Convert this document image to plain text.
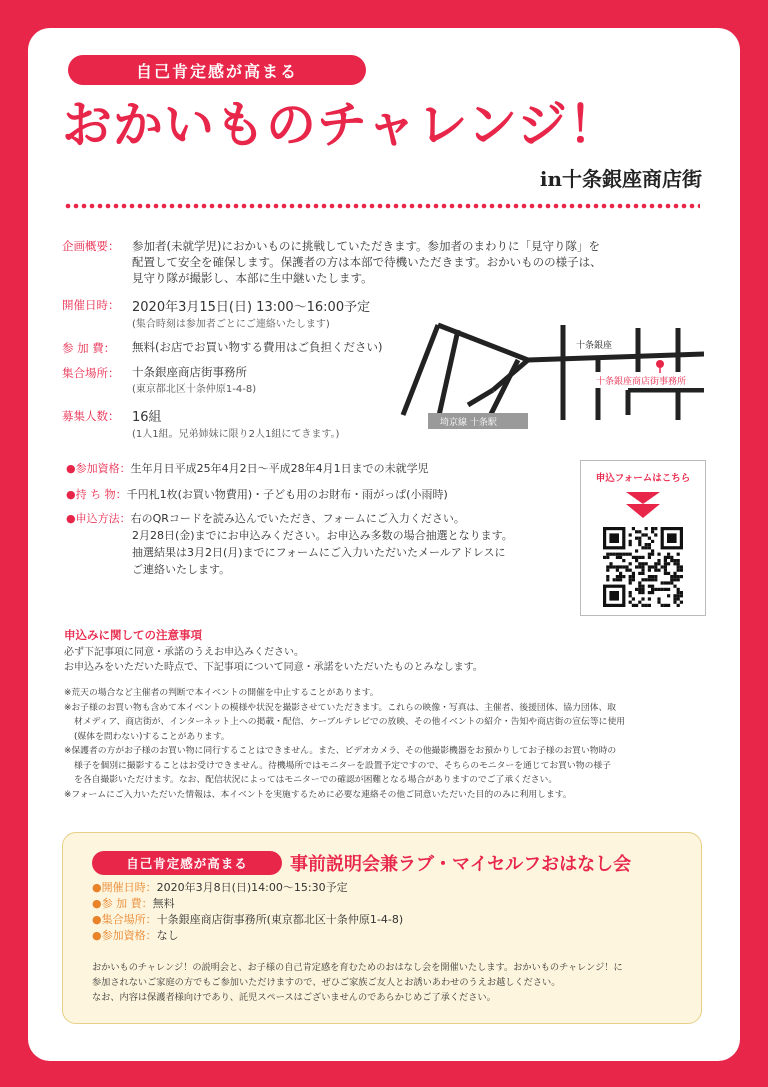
自己肯定感が高まる
おかいものチャレンジ！
in十条銀座商店街
企画概要：	参加者(未就学児)におかいものに挑戦していただきます。参加者のまわりに「見守り隊」を
配置して安全を確保します。保護者の方は本部で待機いただきます。おかいものの様子は、
見守り隊が撮影し、本部に生中継いたします。
開催日時： 2020年3月15日(日) 13:00〜16:00予定
(集合時刻は参加者ごとにご連絡いたします)
参 加 費：	無料(お店でお買い物する費用はご負担ください)
集合場所：	十条銀座商店街事務所
(東京都北区十条仲原1-4-8)
募集人数： 16組
(1人1組。兄弟姉妹に限り2人1組にてきます。)
十条銀座商店街事務所
十条銀座
埼京線 十条駅
●参加資格：生年月日平成25年4月2日〜平成28年4月1日までの未就学児
●持 ち 物：千円札1枚(お買い物費用)・子ども用のお財布・雨がっぱ(小雨時)
●申込方法：右のQRコードを読み込んでいただき、フォームにご入力ください。
2月28日(金)までにお申込みください。お申込み多数の場合抽選となります。
抽選結果は3月2日(月)までにフォームにご入力いただいたメールアドレスに
ご連絡いたします。
申込フォームはこちら
申込みに関しての注意事項
必ず下記事項に同意・承諾のうえお申込みください。
お申込みをいただいた時点で、下記事項について同意・承諾をいただいたものとみなします。

※荒天の場合など主催者の判断で本イベントの開催を中止することがあります。

※お子様のお買い物も含めて本イベントの模様や状況を撮影させていただきます。これらの映像・写真は、主催者、後援団体、協力団体、取

材メディア、商店街が、インターネット上への掲載・配信、ケーブルテレビでの放映、その他イベントの紹介・告知や商店街の宣伝等に使用

(媒体を問わない)することがあります。

※保護者の方がお子様のお買い物に同行することはできません。また、ビデオカメラ、その他撮影機器をお預かりしてお子様のお買い物時の

様子を個別に撮影することはお受けできません。待機場所ではモニターを設置予定ですので、そちらのモニターを通じてお買い物の様子

を各自撮影いただけます。なお、配信状況によってはモニターでの確認が困難となる場合がありますのでご了承ください。

※フォームにご入力いただいた情報は、本イベントを実施するために必要な連絡その他ご同意いただいた目的のみに利用します。

自己肯定感が高まる	事前説明会兼ラブ・マイセルフおはなし会
●開催日時：2020年3月8日(日)14:00〜15:30予定
●参 加 費：無料
●集合場所：十条銀座商店街事務所(東京都北区十条仲原1-4-8)
●参加資格：なし

おかいものチャレンジ！の説明会と、お子様の自己肯定感を育むためのおはなし会を開催いたします。おかいものチャレンジ！に

参加されないご家庭の方でもご参加いただけますので、ぜひご家族ご友人とお誘いあわせのうえお越しください。

なお、内容は保護者様向けであり、託児スペースはございませんのであらかじめご了承ください。
